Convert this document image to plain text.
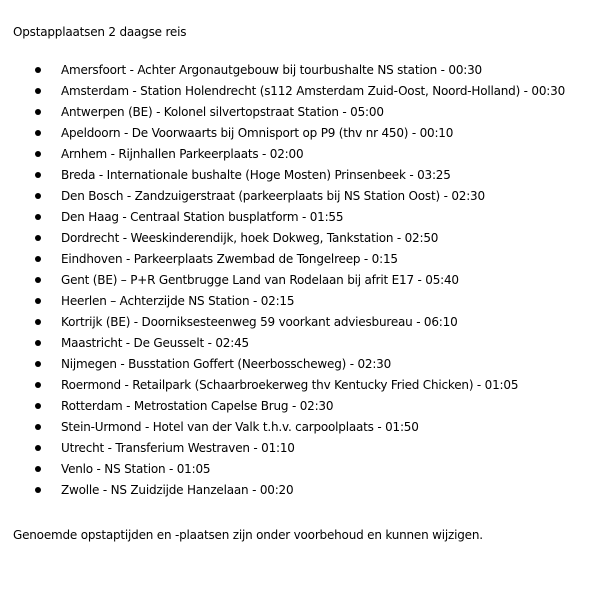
Opstapplaatsen 2 daagse reis
Amersfoort - Achter Argonautgebouw bij tourbushalte NS station - 00:30
Amsterdam - Station Holendrecht (s112 Amsterdam Zuid-Oost, Noord-Holland) - 00:30
Antwerpen (BE) - Kolonel silvertopstraat Station - 05:00
Apeldoorn - De Voorwaarts bij Omnisport op P9 (thv nr 450) - 00:10
Arnhem - Rijnhallen Parkeerplaats - 02:00
Breda - Internationale bushalte (Hoge Mosten) Prinsenbeek - 03:25
Den Bosch - Zandzuigerstraat (parkeerplaats bij NS Station Oost) - 02:30
Den Haag - Centraal Station busplatform - 01:55
Dordrecht - Weeskinderendijk, hoek Dokweg, Tankstation - 02:50
Eindhoven - Parkeerplaats Zwembad de Tongelreep - 0:15
Gent (BE) – P+R Gentbrugge Land van Rodelaan bij afrit E17 - 05:40
Heerlen – Achterzijde NS Station - 02:15
Kortrijk (BE) - Doorniksesteenweg 59 voorkant adviesbureau - 06:10
Maastricht - De Geusselt - 02:45
Nijmegen - Busstation Goffert (Neerbosscheweg) - 02:30
Roermond - Retailpark (Schaarbroekerweg thv Kentucky Fried Chicken) - 01:05
Rotterdam - Metrostation Capelse Brug - 02:30
Stein-Urmond - Hotel van der Valk t.h.v. carpoolplaats - 01:50
Utrecht - Transferium Westraven - 01:10
Venlo - NS Station - 01:05
Zwolle - NS Zuidzijde Hanzelaan - 00:20
Genoemde opstaptijden en -plaatsen zijn onder voorbehoud en kunnen wijzigen.
